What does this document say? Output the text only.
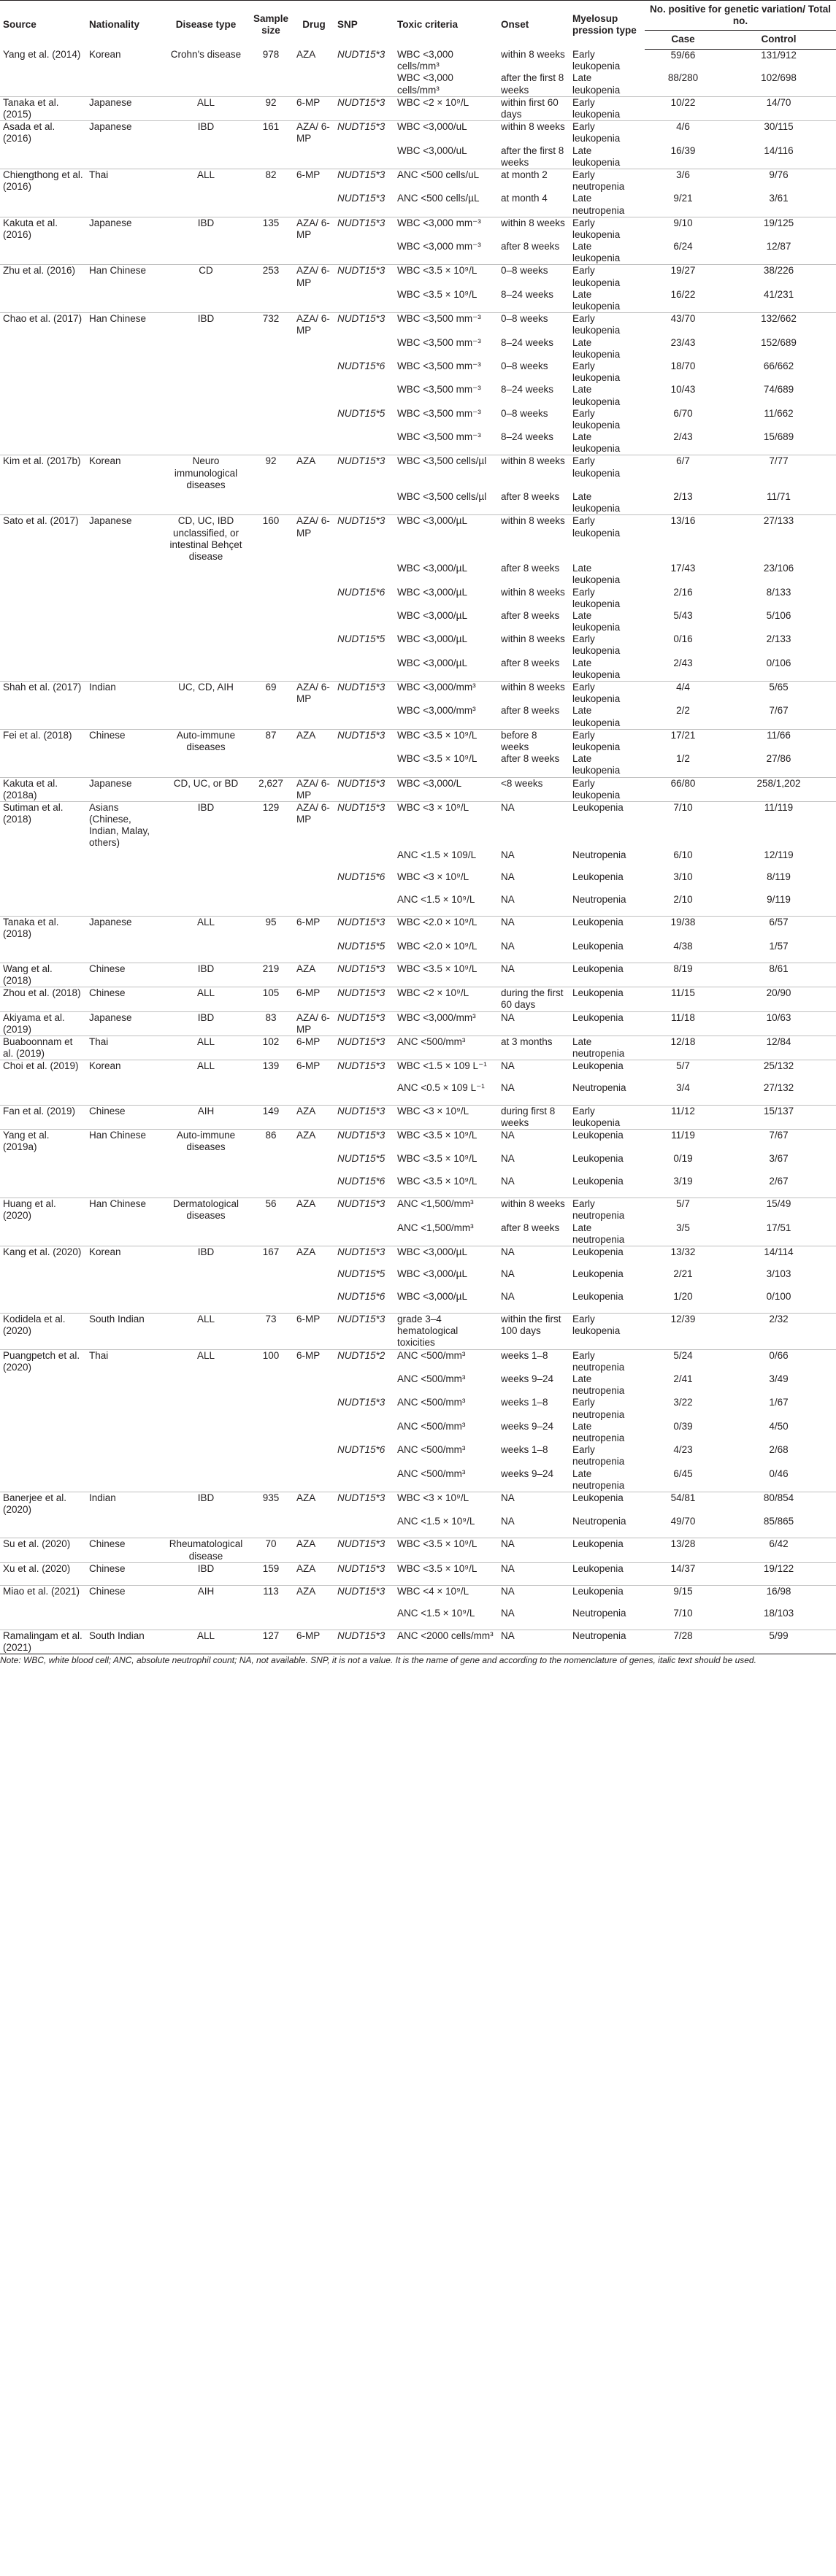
Source	Nationality	Disease type	Sample size	Drug	SNP	Toxic criteria	Onset	Myelosup pression type	No. positive for genetic variation/ Total no.	
									Case	Control
Yang et al. (2014)	Korean	Crohn's disease	978	AZA	NUDT15*3	WBC <3,000 cells/mm³	within 8 weeks	Early leukopenia	59/66	131/912
						WBC <3,000 cells/mm³	after the first 8 weeks	Late leukopenia	88/280	102/698
Tanaka et al. (2015)	Japanese	ALL	92	6-MP	NUDT15*3	WBC <2 × 10⁹/L	within first 60 days	Early leukopenia	10/22	14/70
Asada et al. (2016)	Japanese	IBD	161	AZA/ 6-MP	NUDT15*3	WBC <3,000/uL	within 8 weeks	Early leukopenia	4/6	30/115
						WBC <3,000/uL	after the first 8 weeks	Late leukopenia	16/39	14/116
Chiengthong et al. (2016)	Thai	ALL	82	6-MP	NUDT15*3	ANC <500 cells/uL	at month 2	Early neutropenia	3/6	9/76
					NUDT15*3	ANC <500 cells/µL	at month 4	Late neutropenia	9/21	3/61
Kakuta et al. (2016)	Japanese	IBD	135	AZA/ 6-MP	NUDT15*3	WBC <3,000 mm⁻³	within 8 weeks	Early leukopenia	9/10	19/125
						WBC <3,000 mm⁻³	after 8 weeks	Late leukopenia	6/24	12/87
Zhu et al. (2016)	Han Chinese	CD	253	AZA/ 6-MP	NUDT15*3	WBC <3.5 × 10⁹/L	0–8 weeks	Early leukopenia	19/27	38/226
						WBC <3.5 × 10⁹/L	8–24 weeks	Late leukopenia	16/22	41/231
Chao et al. (2017)	Han Chinese	IBD	732	AZA/ 6-MP	NUDT15*3	WBC <3,500 mm⁻³	0–8 weeks	Early leukopenia	43/70	132/662
						WBC <3,500 mm⁻³	8–24 weeks	Late leukopenia	23/43	152/689
					NUDT15*6	WBC <3,500 mm⁻³	0–8 weeks	Early leukopenia	18/70	66/662
						WBC <3,500 mm⁻³	8–24 weeks	Late leukopenia	10/43	74/689
					NUDT15*5	WBC <3,500 mm⁻³	0–8 weeks	Early leukopenia	6/70	11/662
						WBC <3,500 mm⁻³	8–24 weeks	Late leukopenia	2/43	15/689
Kim et al. (2017b)	Korean	Neuro immunological diseases	92	AZA	NUDT15*3	WBC <3,500 cells/µl	within 8 weeks	Early leukopenia	6/7	7/77
						WBC <3,500 cells/µl	after 8 weeks	Late leukopenia	2/13	11/71
Sato et al. (2017)	Japanese	CD, UC, IBD unclassified, or intestinal Behçet disease	160	AZA/ 6-MP	NUDT15*3	WBC <3,000/µL	within 8 weeks	Early leukopenia	13/16	27/133
						WBC <3,000/µL	after 8 weeks	Late leukopenia	17/43	23/106
					NUDT15*6	WBC <3,000/µL	within 8 weeks	Early leukopenia	2/16	8/133
						WBC <3,000/µL	after 8 weeks	Late leukopenia	5/43	5/106
					NUDT15*5	WBC <3,000/µL	within 8 weeks	Early leukopenia	0/16	2/133
						WBC <3,000/µL	after 8 weeks	Late leukopenia	2/43	0/106
Shah et al. (2017)	Indian	UC, CD, AIH	69	AZA/ 6-MP	NUDT15*3	WBC <3,000/mm³	within 8 weeks	Early leukopenia	4/4	5/65
						WBC <3,000/mm³	after 8 weeks	Late leukopenia	2/2	7/67
Fei et al. (2018)	Chinese	Auto-immune diseases	87	AZA	NUDT15*3	WBC <3.5 × 10⁹/L	before 8 weeks	Early leukopenia	17/21	11/66
						WBC <3.5 × 10⁹/L	after 8 weeks	Late leukopenia	1/2	27/86
Kakuta et al. (2018a)	Japanese	CD, UC, or BD	2,627	AZA/ 6-MP	NUDT15*3	WBC <3,000/L	<8 weeks	Early leukopenia	66/80	258/1,202
Sutiman et al. (2018)	Asians (Chinese, Indian, Malay, others)	IBD	129	AZA/ 6-MP	NUDT15*3	WBC <3 × 10⁹/L	NA	Leukopenia	7/10	11/119
						ANC <1.5 × 109/L	NA	Neutropenia	6/10	12/119
					NUDT15*6	WBC <3 × 10⁹/L	NA	Leukopenia	3/10	8/119
						ANC <1.5 × 10⁹/L	NA	Neutropenia	2/10	9/119
Tanaka et al. (2018)	Japanese	ALL	95	6-MP	NUDT15*3	WBC <2.0 × 10⁹/L	NA	Leukopenia	19/38	6/57
					NUDT15*5	WBC <2.0 × 10⁹/L	NA	Leukopenia	4/38	1/57
Wang et al. (2018)	Chinese	IBD	219	AZA	NUDT15*3	WBC <3.5 × 10⁹/L	NA	Leukopenia	8/19	8/61
Zhou et al. (2018)	Chinese	ALL	105	6-MP	NUDT15*3	WBC <2 × 10⁹/L	during the first 60 days	Leukopenia	11/15	20/90
Akiyama et al. (2019)	Japanese	IBD	83	AZA/ 6-MP	NUDT15*3	WBC <3,000/mm³	NA	Leukopenia	11/18	10/63
Buaboonnam et al. (2019)	Thai	ALL	102	6-MP	NUDT15*3	ANC <500/mm³	at 3 months	Late neutropenia	12/18	12/84
Choi et al. (2019)	Korean	ALL	139	6-MP	NUDT15*3	WBC <1.5 × 109 L⁻¹	NA	Leukopenia	5/7	25/132
						ANC <0.5 × 109 L⁻¹	NA	Neutropenia	3/4	27/132
Fan et al. (2019)	Chinese	AIH	149	AZA	NUDT15*3	WBC <3 × 10⁹/L	during first 8 weeks	Early leukopenia	11/12	15/137
Yang et al. (2019a)	Han Chinese	Auto-immune diseases	86	AZA	NUDT15*3	WBC <3.5 × 10⁹/L	NA	Leukopenia	11/19	7/67
					NUDT15*5	WBC <3.5 × 10⁹/L	NA	Leukopenia	0/19	3/67
					NUDT15*6	WBC <3.5 × 10⁹/L	NA	Leukopenia	3/19	2/67
Huang et al. (2020)	Han Chinese	Dermatological diseases	56	AZA	NUDT15*3	ANC <1,500/mm³	within 8 weeks	Early neutropenia	5/7	15/49
						ANC <1,500/mm³	after 8 weeks	Late neutropenia	3/5	17/51
Kang et al. (2020)	Korean	IBD	167	AZA	NUDT15*3	WBC <3,000/µL	NA	Leukopenia	13/32	14/114
					NUDT15*5	WBC <3,000/µL	NA	Leukopenia	2/21	3/103
					NUDT15*6	WBC <3,000/µL	NA	Leukopenia	1/20	0/100
Kodidela et al. (2020)	South Indian	ALL	73	6-MP	NUDT15*3	grade 3–4 hematological toxicities	within the first 100 days	Early leukopenia	12/39	2/32
Puangpetch et al. (2020)	Thai	ALL	100	6-MP	NUDT15*2	ANC <500/mm³	weeks 1–8	Early neutropenia	5/24	0/66
						ANC <500/mm³	weeks 9–24	Late neutropenia	2/41	3/49
					NUDT15*3	ANC <500/mm³	weeks 1–8	Early neutropenia	3/22	1/67
						ANC <500/mm³	weeks 9–24	Late neutropenia	0/39	4/50
					NUDT15*6	ANC <500/mm³	weeks 1–8	Early neutropenia	4/23	2/68
						ANC <500/mm³	weeks 9–24	Late neutropenia	6/45	0/46
Banerjee et al. (2020)	Indian	IBD	935	AZA	NUDT15*3	WBC <3 × 10⁹/L	NA	Leukopenia	54/81	80/854
						ANC <1.5 × 10⁹/L	NA	Neutropenia	49/70	85/865
Su et al. (2020)	Chinese	Rheumatological disease	70	AZA	NUDT15*3	WBC <3.5 × 10⁹/L	NA	Leukopenia	13/28	6/42
Xu et al. (2020)	Chinese	IBD	159	AZA	NUDT15*3	WBC <3.5 × 10⁹/L	NA	Leukopenia	14/37	19/122
Miao et al. (2021)	Chinese	AIH	113	AZA	NUDT15*3	WBC <4 × 10⁹/L	NA	Leukopenia	9/15	16/98
						ANC <1.5 × 10⁹/L	NA	Neutropenia	7/10	18/103
Ramalingam et al. (2021)	South Indian	ALL	127	6-MP	NUDT15*3	ANC <2000 cells/mm³	NA	Neutropenia	7/28	5/99
Note: WBC, white blood cell; ANC, absolute neutrophil count; NA, not available. SNP, it is not a value. It is the name of gene and according to the nomenclature of genes, italic text should be used.
